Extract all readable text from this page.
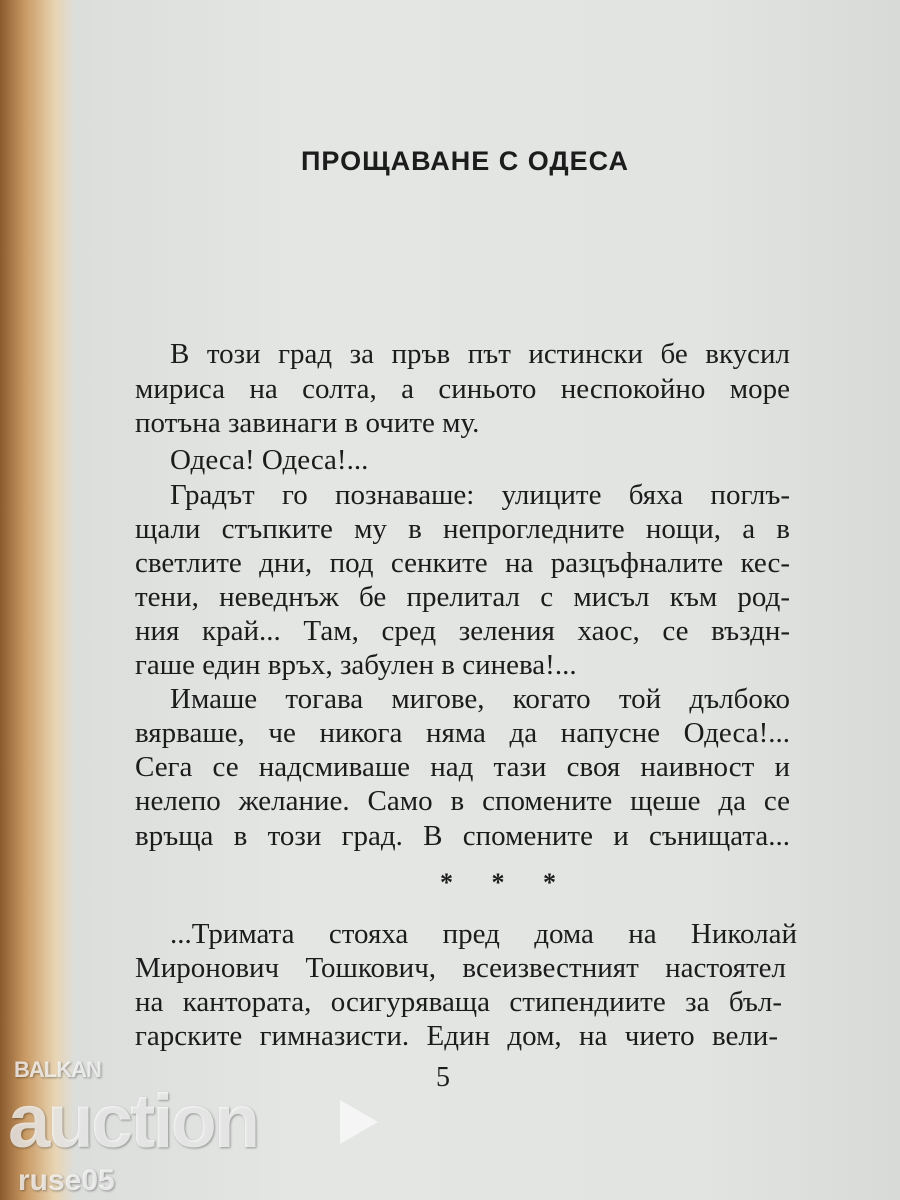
ПРОЩАВАНЕ С ОДЕСА
В този град за пръв път истински бе вкусил
мириса на солта, а синьото неспокойно море
потъна завинаги в очите му.
Одеса! Одеса!...
Градът го познаваше: улиците бяха поглъ-
щали стъпките му в непрогледните нощи, а в
светлите дни, под сенките на разцъфналите кес-
тени, неведнъж бе прелитал с мисъл към род-
ния край... Там, сред зеления хаос, се въздн-
гаше един връх, забулен в синева!...
Имаше тогава мигове, когато той дълбоко
вярваше, че никога няма да напусне Одеса!...
Сега се надсмиваше над тази своя наивност и
нелепо желание. Само в спомените щеше да се
връща в този град. В спомените и сънищата...
* * *
...Тримата стояха пред дома на Николай
Миронович Тошкович, всеизвестният настоятел
на кантората, осигуряваща стипендиите за бъл-
гарските гимназисти. Един дом, на чието вели-
5
BALKAN
auction
ruse05
